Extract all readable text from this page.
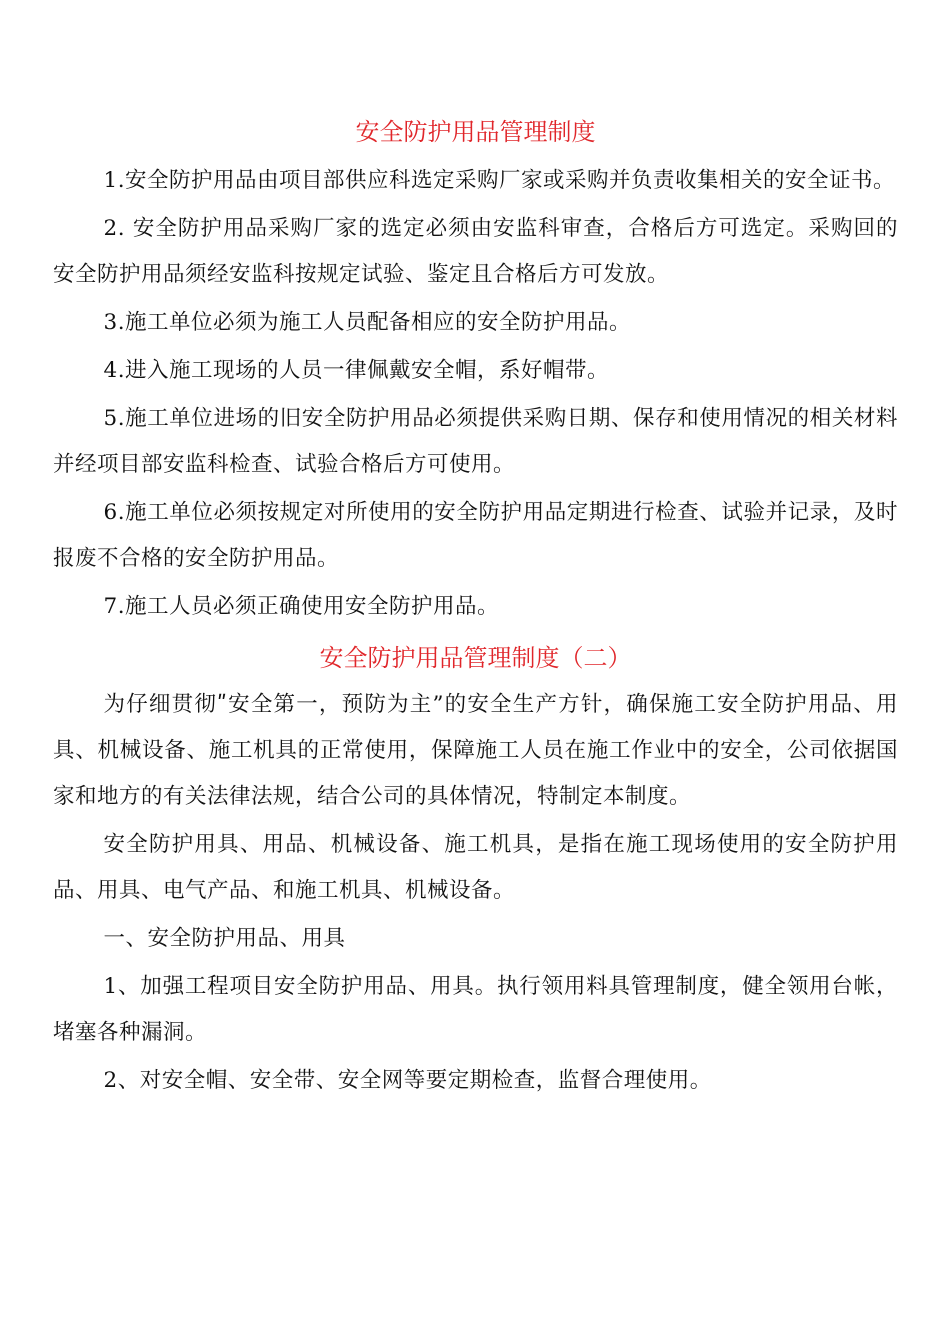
安全防护用品管理制度

1.安全防护用品由项目部供应科选定采购厂家或采购并负责收集相关的安全证书。

2. 安全防护用品采购厂家的选定必须由安监科审查，合格后方可选定。采购回的安全防护用品须经安监科按规定试验、鉴定且合格后方可发放。

3.施工单位必须为施工人员配备相应的安全防护用品。

4.进入施工现场的人员一律佩戴安全帽，系好帽带。

5.施工单位进场的旧安全防护用品必须提供采购日期、保存和使用情况的相关材料并经项目部安监科检查、试验合格后方可使用。

6.施工单位必须按规定对所使用的安全防护用品定期进行检查、试验并记录，及时报废不合格的安全防护用品。

7.施工人员必须正确使用安全防护用品。

安全防护用品管理制度（二）

为仔细贯彻ʺ安全第一，预防为主”的安全生产方针，确保施工安全防护用品、用具、机械设备、施工机具的正常使用，保障施工人员在施工作业中的安全，公司依据国家和地方的有关法律法规，结合公司的具体情况，特制定本制度。

安全防护用具、用品、机械设备、施工机具，是指在施工现场使用的安全防护用品、用具、电气产品、和施工机具、机械设备。

一、安全防护用品、用具

1、加强工程项目安全防护用品、用具。执行领用料具管理制度，健全领用台帐，堵塞各种漏洞。

2、对安全帽、安全带、安全网等要定期检查，监督合理使用。
